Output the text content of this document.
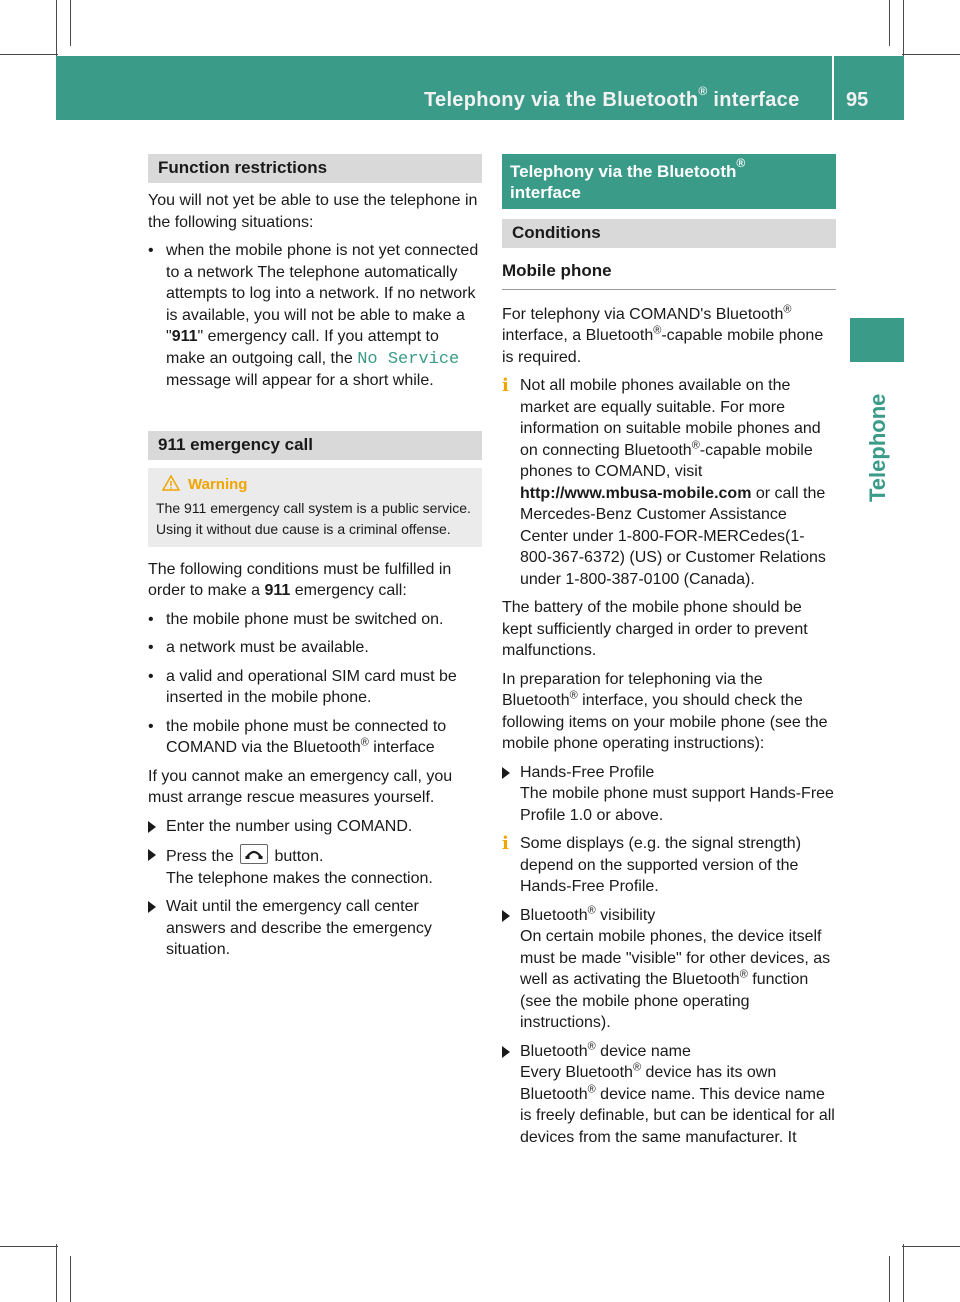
Telephony via the Bluetooth® interface 95
Telephone
Function restrictions

You will not yet be able to use the telephone in the following situations:

• when the mobile phone is not yet connected to a network The telephone automatically attempts to log into a network. If no network is available, you will not be able to make a "911" emergency call. If you attempt to make an outgoing call, the No Service message will appear for a short while.
911 emergency call
Warning
The 911 emergency call system is a public service. Using it without due cause is a criminal offense.

The following conditions must be fulfilled in order to make a 911 emergency call:

• the mobile phone must be switched on.
• a network must be available.
• a valid and operational SIM card must be inserted in the mobile phone.
• the mobile phone must be connected to COMAND via the Bluetooth® interface

If you cannot make an emergency call, you must arrange rescue measures yourself.

Enter the number using COMAND.
Press the
button.
The telephone makes the connection.
Wait until the emergency call center answers and describe the emergency situation.
Telephony via the Bluetooth®
interface
Conditions
Mobile phone

For telephony via COMAND's Bluetooth® interface, a Bluetooth®-capable mobile phone is required.

i Not all mobile phones available on the market are equally suitable. For more information on suitable mobile phones and on connecting Bluetooth®-capable mobile phones to COMAND, visit http://www.mbusa-mobile.com or call the Mercedes-Benz Customer Assistance Center under 1-800-FOR-MERCedes(1-800-367-6372) (US) or Customer Relations under 1-800-387-0100 (Canada).

The battery of the mobile phone should be kept sufficiently charged in order to prevent malfunctions.

In preparation for telephoning via the Bluetooth® interface, you should check the following items on your mobile phone (see the mobile phone operating instructions):

Hands-Free Profile
The mobile phone must support Hands-Free Profile 1.0 or above.
i Some displays (e.g. the signal strength) depend on the supported version of the Hands-Free Profile.
Bluetooth® visibility
On certain mobile phones, the device itself must be made "visible" for other devices, as well as activating the Bluetooth® function (see the mobile phone operating instructions).
Bluetooth® device name
Every Bluetooth® device has its own Bluetooth® device name. This device name is freely definable, but can be identical for all devices from the same manufacturer. It
